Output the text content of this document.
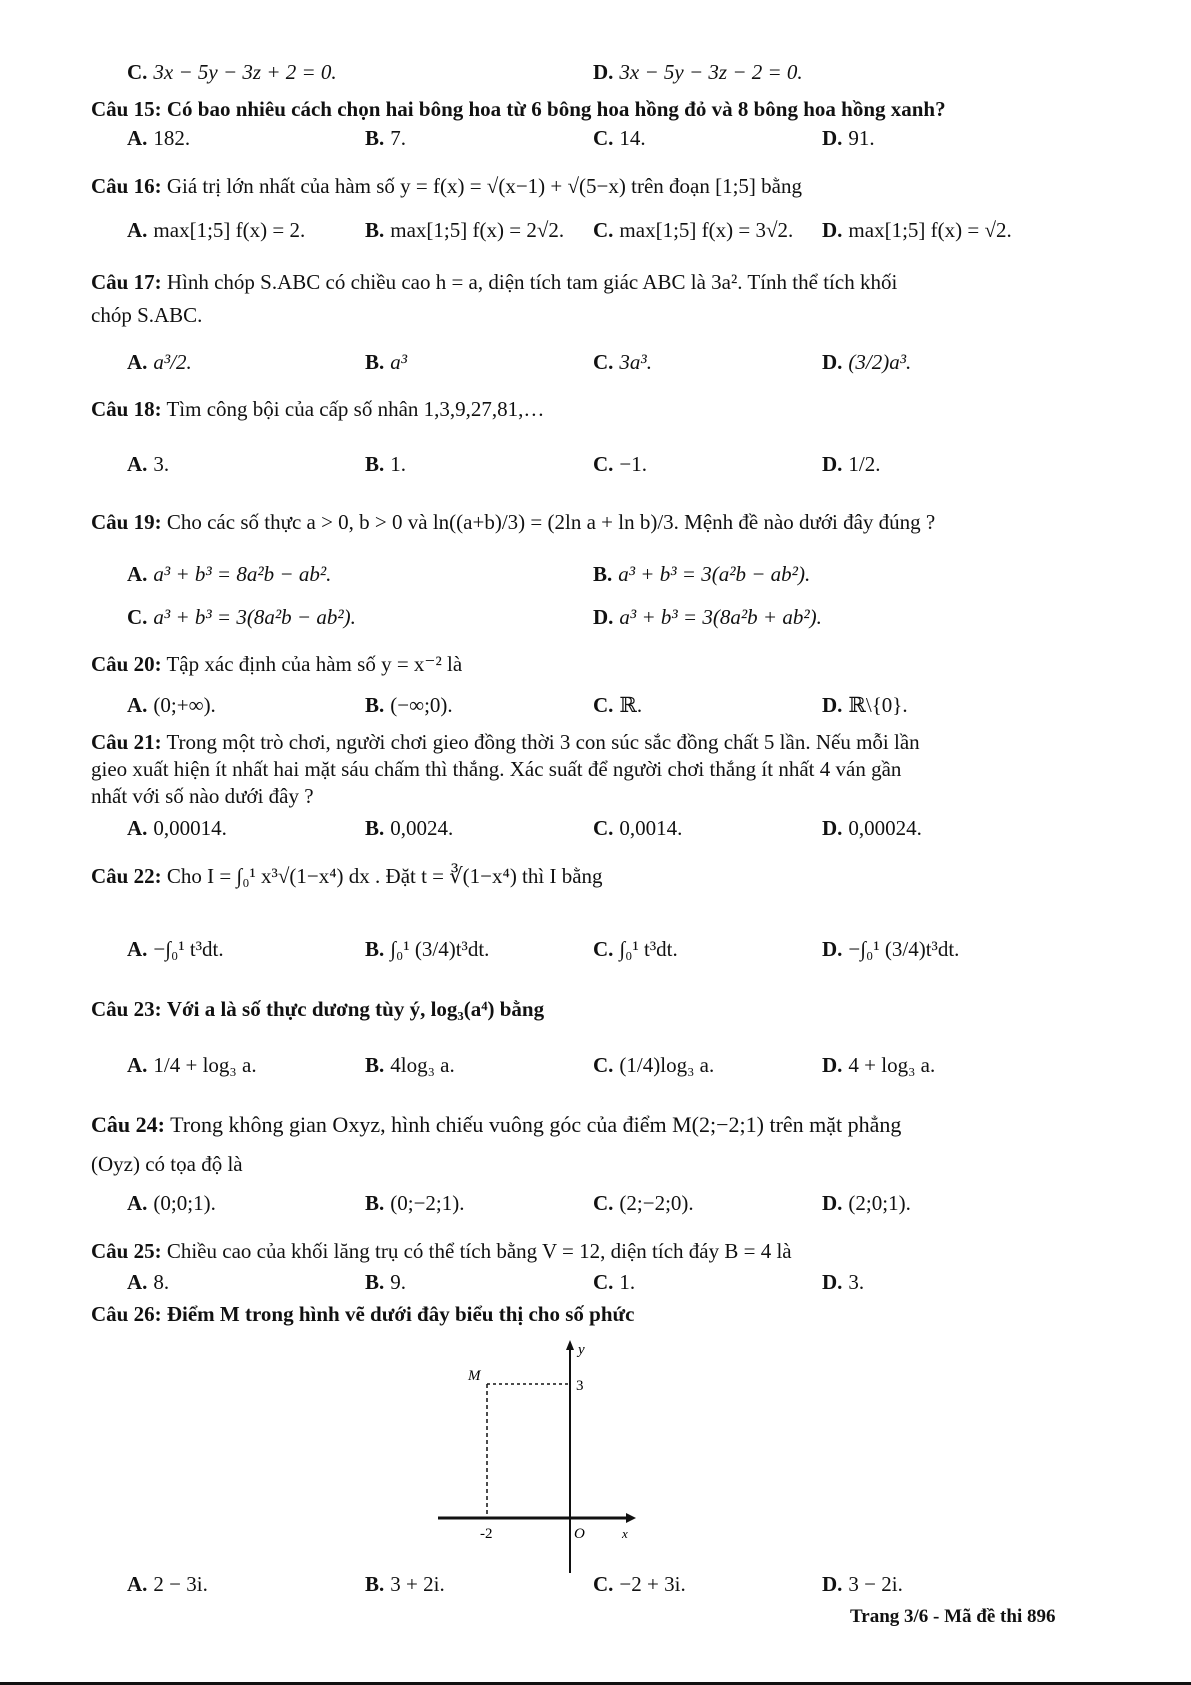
C. 3x − 5y − 3z + 2 = 0.	D. 3x − 5y − 3z − 2 = 0.
Câu 15: Có bao nhiêu cách chọn hai bông hoa từ 6 bông hoa hồng đỏ và 8 bông hoa hồng xanh?
A. 182.	B. 7.	C. 14.	D. 91.
Câu 16: Giá trị lớn nhất của hàm số y = f(x) = √(x−1) + √(5−x) trên đoạn [1;5] bằng
A. max[1;5] f(x) = 2.	B. max[1;5] f(x) = 2√2. C. max[1;5] f(x) = 3√2. D. max[1;5] f(x) = √2.
Câu 17: Hình chóp S.ABC có chiều cao h = a, diện tích tam giác ABC là 3a². Tính thể tích khối
chóp S.ABC.
A. a³/2.	B. a³	C. 3a³.	D. (3/2)a³.
Câu 18: Tìm công bội của cấp số nhân 1,3,9,27,81,…
A. 3.	B. 1.	C. −1.	D. 1/2.
Câu 19: Cho các số thực a > 0, b > 0 và ln((a+b)/3) = (2ln a + ln b)/3. Mệnh đề nào dưới đây đúng ?
A. a³ + b³ = 8a²b − ab².	B. a³ + b³ = 3(a²b − ab²).
C. a³ + b³ = 3(8a²b − ab²).	D. a³ + b³ = 3(8a²b + ab²).
Câu 20: Tập xác định của hàm số y = x⁻² là
A. (0;+∞).	B. (−∞;0).	C. ℝ.	D. ℝ\{0}.
Câu 21: Trong một trò chơi, người chơi gieo đồng thời 3 con súc sắc đồng chất 5 lần. Nếu mỗi lần
gieo xuất hiện ít nhất hai mặt sáu chấm thì thắng. Xác suất để người chơi thắng ít nhất 4 ván gần
nhất với số nào dưới đây ?
A. 0,00014.	B. 0,0024.	C. 0,0014.	D. 0,00024.
Câu 22: Cho I = ∫₀¹ x³√(1−x⁴) dx . Đặt t = ∛(1−x⁴) thì I bằng
A. −∫₀¹ t³dt.	B. ∫₀¹ (3/4)t³dt.	C. ∫₀¹ t³dt.	D. −∫₀¹ (3/4)t³dt.
Câu 23: Với a là số thực dương tùy ý, log₃(a⁴) bằng
A. 1/4 + log₃ a.	B. 4log₃ a.	C. (1/4)log₃ a.	D. 4 + log₃ a.
Câu 24: Trong không gian Oxyz, hình chiếu vuông góc của điểm M(2;−2;1) trên mặt phẳng
(Oyz) có tọa độ là
A. (0;0;1).	B. (0;−2;1).	C. (2;−2;0).	D. (2;0;1).
Câu 25: Chiều cao của khối lăng trụ có thể tích bằng V = 12, diện tích đáy B = 4 là
A. 8.	B. 9.	C. 1.	D. 3.
Câu 26: Điểm M trong hình vẽ dưới đây biểu thị cho số phức
M
3
y
-2	O	x
A. 2 − 3i.	B. 3 + 2i.	C. −2 + 3i.	D. 3 − 2i.
Trang 3/6 - Mã đề thi 896
